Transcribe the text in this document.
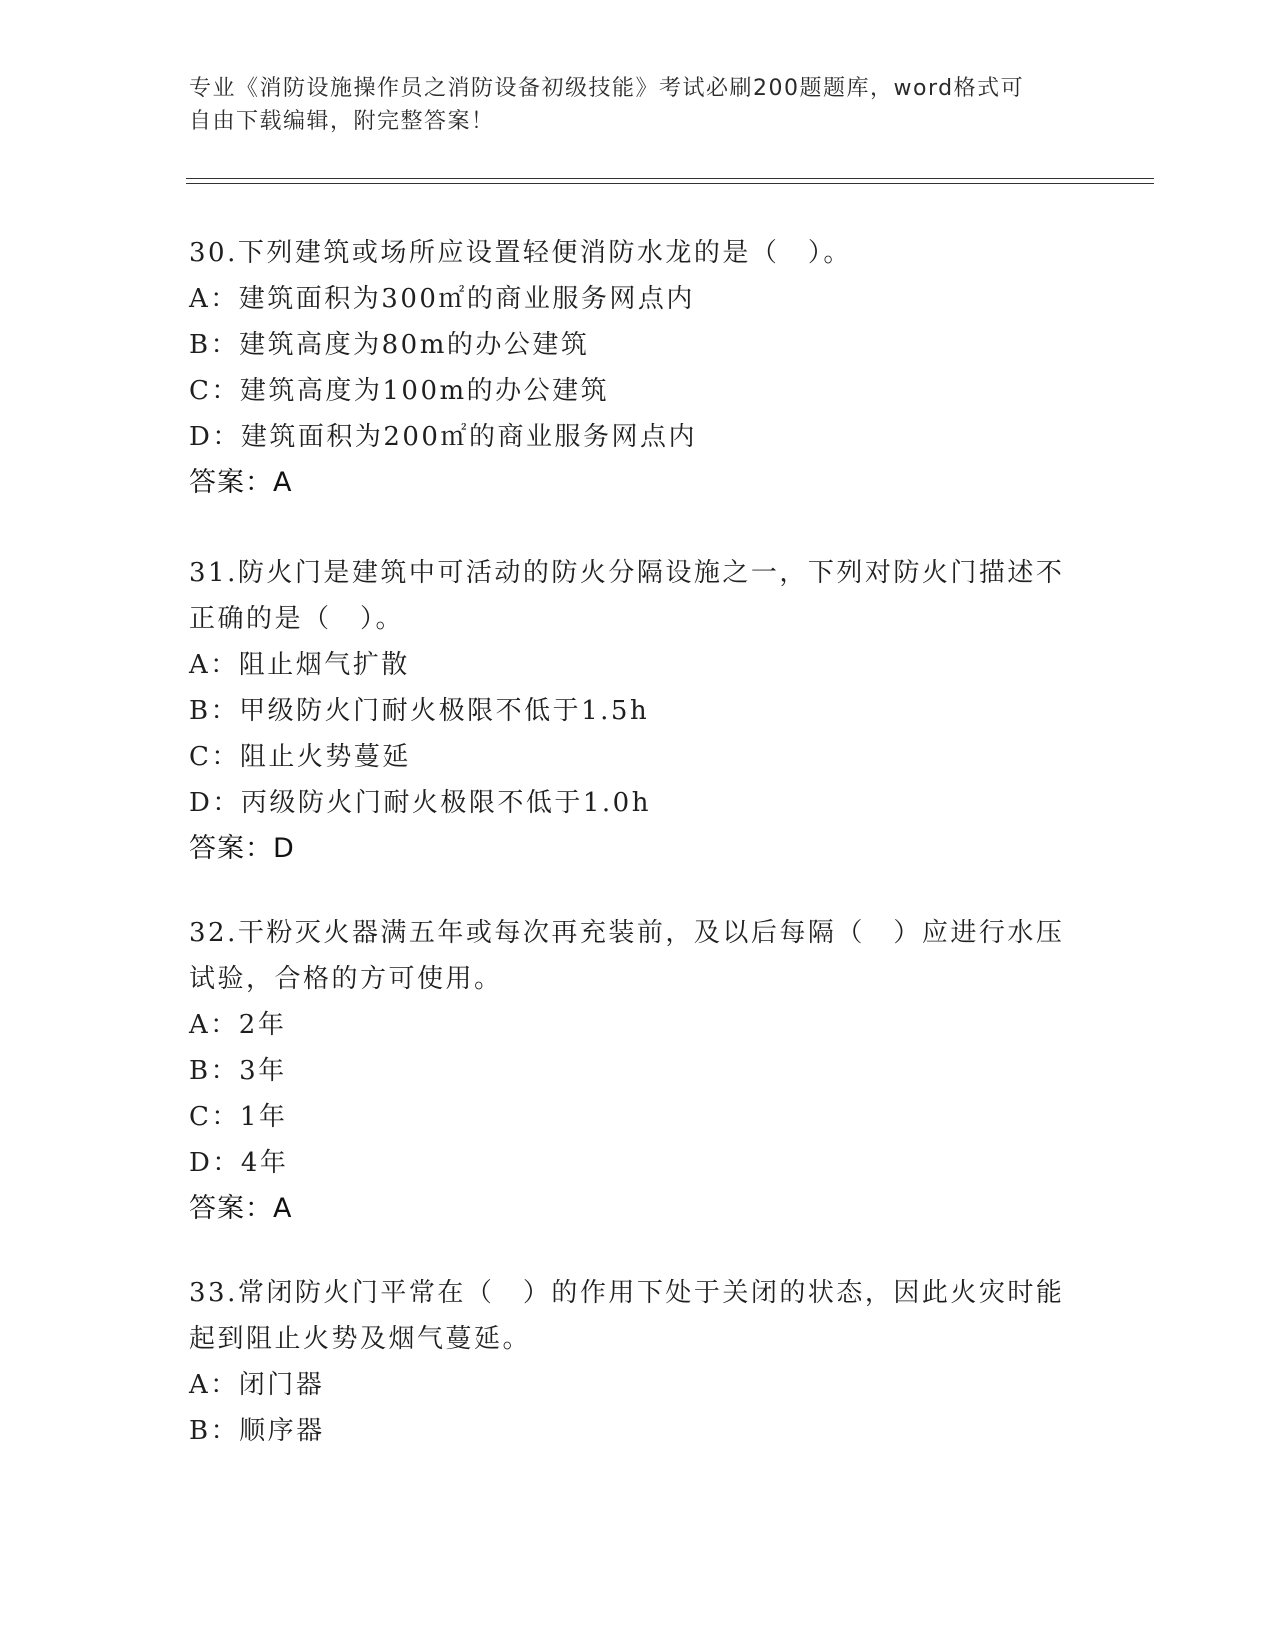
专业《消防设施操作员之消防设备初级技能》考试必刷200题题库，word格式可
自由下载编辑，附完整答案！
30.下列建筑或场所应设置轻便消防水龙的是（　）。
A：建筑面积为300㎡的商业服务网点内
B：建筑高度为80m的办公建筑
C：建筑高度为100m的办公建筑
D：建筑面积为200㎡的商业服务网点内
答案：A
31.防火门是建筑中可活动的防火分隔设施之一，下列对防火门描述不
正确的是（　）。
A：阻止烟气扩散
B：甲级防火门耐火极限不低于1.5h
C：阻止火势蔓延
D：丙级防火门耐火极限不低于1.0h
答案：D
32.干粉灭火器满五年或每次再充装前，及以后每隔（　）应进行水压
试验，合格的方可使用。
A：2年
B：3年
C：1年
D：4年
答案：A
33.常闭防火门平常在（　）的作用下处于关闭的状态，因此火灾时能
起到阻止火势及烟气蔓延。
A：闭门器
B：顺序器
